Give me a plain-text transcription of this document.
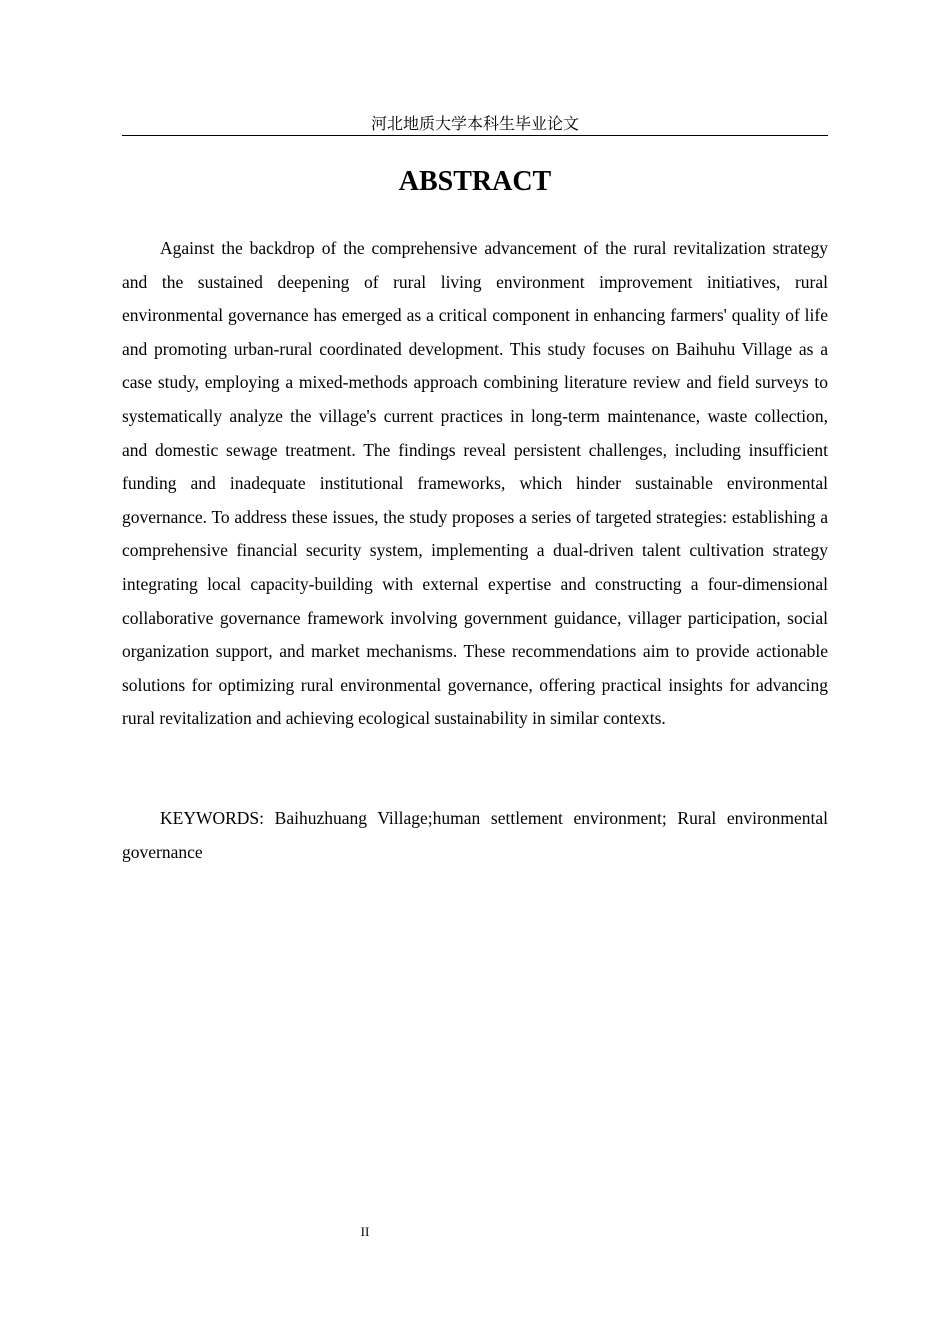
河北地质大学本科生毕业论文
ABSTRACT

Against the backdrop of the comprehensive advancement of the rural revitalization strategy and the sustained deepening of rural living environment improvement initiatives, rural environmental governance has emerged as a critical component in enhancing farmers' quality of life and promoting urban-rural coordinated development. This study focuses on Baihuhu Village as a case study, employing a mixed-methods approach combining literature review and field surveys to systematically analyze the village's current practices in long-term maintenance, waste collection, and domestic sewage treatment. The findings reveal persistent challenges, including insufficient funding and inadequate institutional frameworks, which hinder sustainable environmental governance. To address these issues, the study proposes a series of targeted strategies: establishing a comprehensive financial security system, implementing a dual-driven talent cultivation strategy integrating local capacity-building with external expertise and constructing a four-dimensional collaborative governance framework involving government guidance, villager participation, social organization support, and market mechanisms. These recommendations aim to provide actionable solutions for optimizing rural environmental governance, offering practical insights for advancing rural revitalization and achieving ecological sustainability in similar contexts.

KEYWORDS: Baihuzhuang Village;human settlement environment; Rural environmental governance

II
